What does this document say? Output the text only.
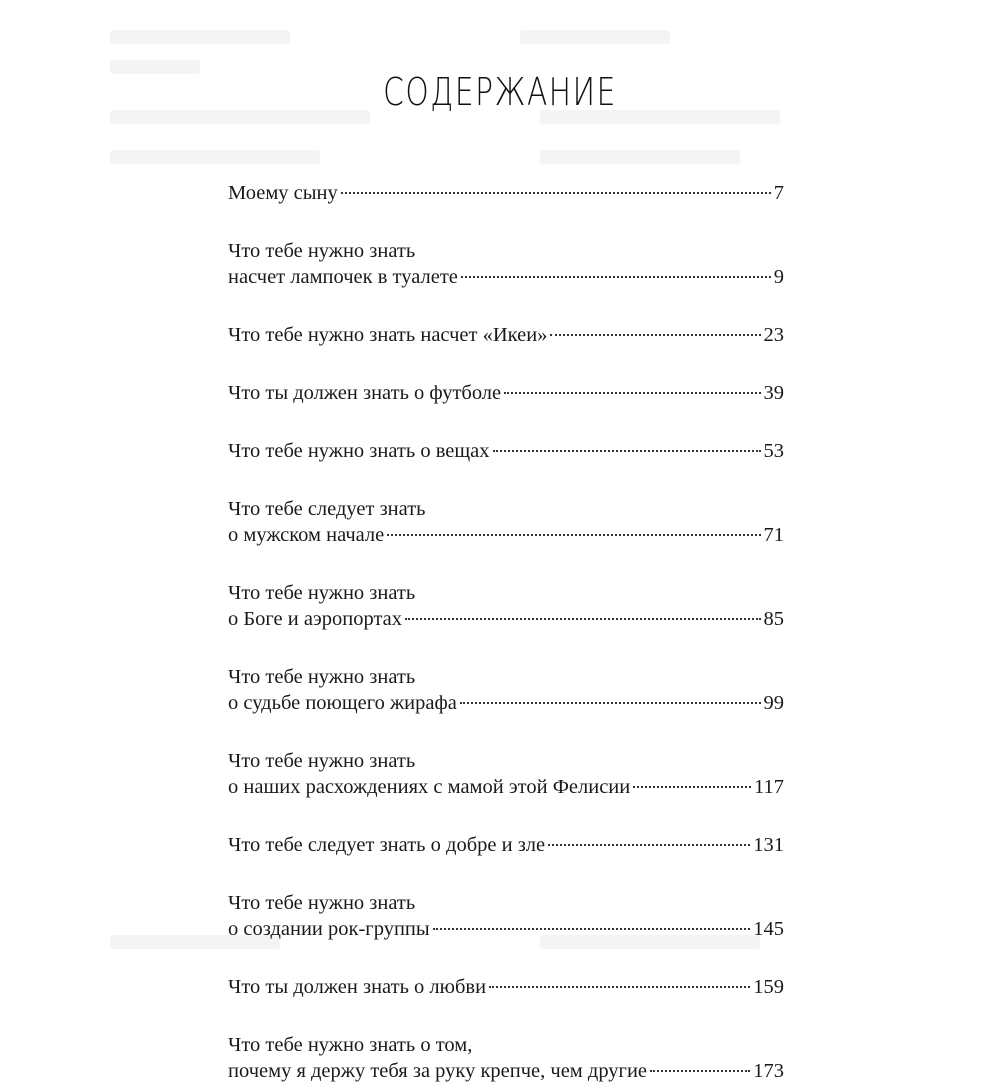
СОДЕРЖАНИЕ
Моему сыну	7
Что тебе нужно знать
насчет лампочек в туалете	9
Что тебе нужно знать насчет «Икеи»	23
Что ты должен знать о футболе	39
Что тебе нужно знать о вещах	53
Что тебе следует знать
о мужском начале	71
Что тебе нужно знать
о Боге и аэропортах	85
Что тебе нужно знать
о судьбе поющего жирафа	99
Что тебе нужно знать
о наших расхождениях с мамой этой Фелисии	117
Что тебе следует знать о добре и зле	131
Что тебе нужно знать
о создании рок-группы	145
Что ты должен знать о любви	159
Что тебе нужно знать о том,
почему я держу тебя за руку крепче, чем другие	173
